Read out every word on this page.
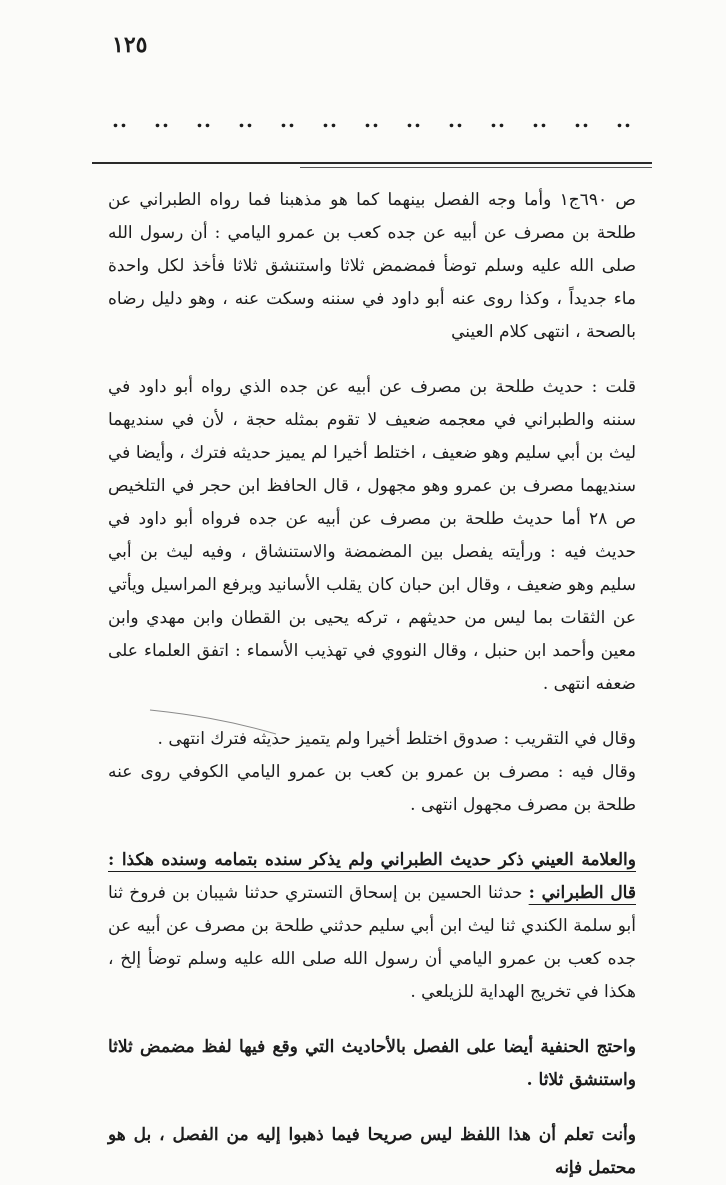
١٢٥
.. .. .. .. .. .. .. .. .. .. .. .. ..

ص ٦٩٠ج١ وأما وجه الفصل بينهما كما هو مذهبنا فما رواه الطبراني عن طلحة بن مصرف عن أبيه عن جده كعب بن عمرو اليامي : أن رسول الله صلى الله عليه وسلم توضأ فمضمض ثلاثا واستنشق ثلاثا فأخذ لكل واحدة ماء جديداً ، وكذا روى عنه أبو داود في سننه وسكت عنه ، وهو دليل رضاه بالصحة ، انتهى كلام العيني

قلت : حديث طلحة بن مصرف عن أبيه عن جده الذي رواه أبو داود في سننه والطبراني في معجمه ضعيف لا تقوم بمثله حجة ، لأن في سنديهما ليث بن أبي سليم وهو ضعيف ، اختلط أخيرا لم يميز حديثه فترك ، وأيضا في سنديهما مصرف بن عمرو وهو مجهول ، قال الحافظ ابن حجر في التلخيص ص ٢٨ أما حديث طلحة بن مصرف عن أبيه عن جده فرواه أبو داود في حديث فيه : ورأيته يفصل بين المضمضة والاستنشاق ، وفيه ليث بن أبي سليم وهو ضعيف ، وقال ابن حبان كان يقلب الأسانيد ويرفع المراسيل ويأتي عن الثقات بما ليس من حديثهم ، تركه يحيى بن القطان وابن مهدي وابن معين وأحمد ابن حنبل ، وقال النووي في تهذيب الأسماء : اتفق العلماء على ضعفه انتهى .

وقال في التقريب : صدوق اختلط أخيرا ولم يتميز حديثه فترك انتهى .

وقال فيه : مصرف بن عمرو بن كعب بن عمرو اليامي الكوفي روى عنه طلحة بن مصرف مجهول انتهى .

والعلامة العيني ذكر حديث الطبراني ولم يذكر سنده بتمامه وسنده هكذا : قال الطبراني : حدثنا الحسين بن إسحاق التستري حدثنا شيبان بن فروخ ثنا أبو سلمة الكندي ثنا ليث ابن أبي سليم حدثني طلحة بن مصرف عن أبيه عن جده كعب بن عمرو اليامي أن رسول الله صلى الله عليه وسلم توضأ إلخ ، هكذا في تخريج الهداية للزيلعي .

واحتج الحنفية أيضا على الفصل بالأحاديث التي وقع فيها لفظ مضمض ثلاثا واستنشق ثلاثا .

وأنت تعلم أن هذا اللفظ ليس صريحا فيما ذهبوا إليه من الفصل ، بل هو محتمل فإنه
